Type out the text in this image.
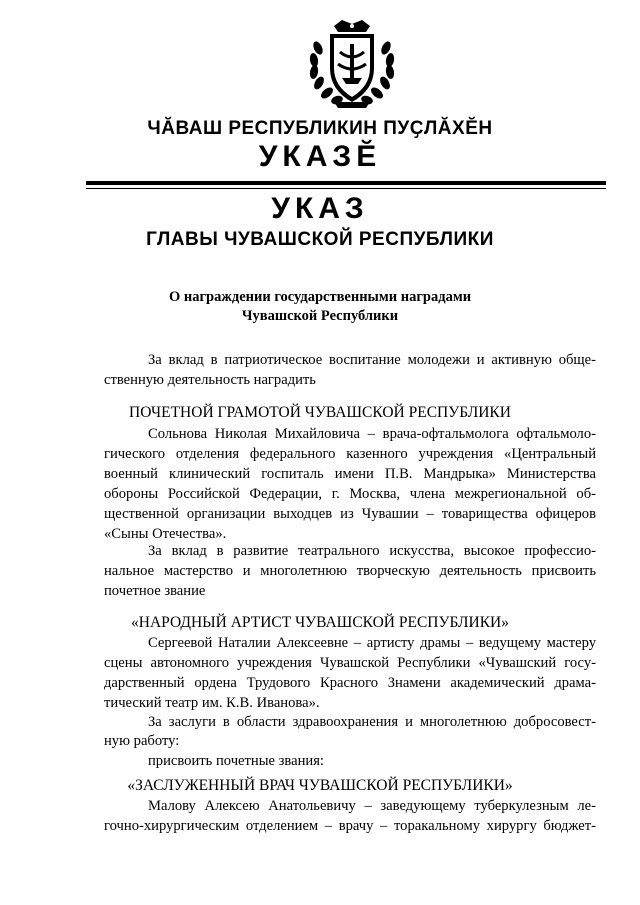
ЧӐВАШ РЕСПУБЛИКИН ПУҪЛӐХӖН
УКАЗӖ
УКАЗ
ГЛАВЫ ЧУВАШСКОЙ РЕСПУБЛИКИ
О награждении государственными наградами
Чувашской Республики
За вклад в патриотическое воспитание молодежи и активную обще-
ственную деятельность наградить
ПОЧЕТНОЙ ГРАМОТОЙ ЧУВАШСКОЙ РЕСПУБЛИКИ
Сольнова Николая Михайловича – врача-офтальмолога офтальмоло-
гического отделения федерального казенного учреждения «Центральный
военный клинический госпиталь имени П.В. Мандрыка» Министерства
обороны Российской Федерации, г. Москва, члена межрегиональной об-
щественной организации выходцев из Чувашии – товарищества офицеров
«Сыны Отечества».
За вклад в развитие театрального искусства, высокое профессио-
нальное мастерство и многолетнюю творческую деятельность присвоить
почетное звание
«НАРОДНЫЙ АРТИСТ ЧУВАШСКОЙ РЕСПУБЛИКИ»
Сергеевой Наталии Алексеевне – артисту драмы – ведущему мастеру
сцены автономного учреждения Чувашской Республики «Чувашский госу-
дарственный ордена Трудового Красного Знамени академический драма-
тический театр им. К.В. Иванова».
За заслуги в области здравоохранения и многолетнюю добросовест-
ную работу:
присвоить почетные звания:
«ЗАСЛУЖЕННЫЙ ВРАЧ ЧУВАШСКОЙ РЕСПУБЛИКИ»
Малову Алексею Анатольевичу – заведующему туберкулезным ле-
гочно-хирургическим отделением – врачу – торакальному хирургу бюджет-
